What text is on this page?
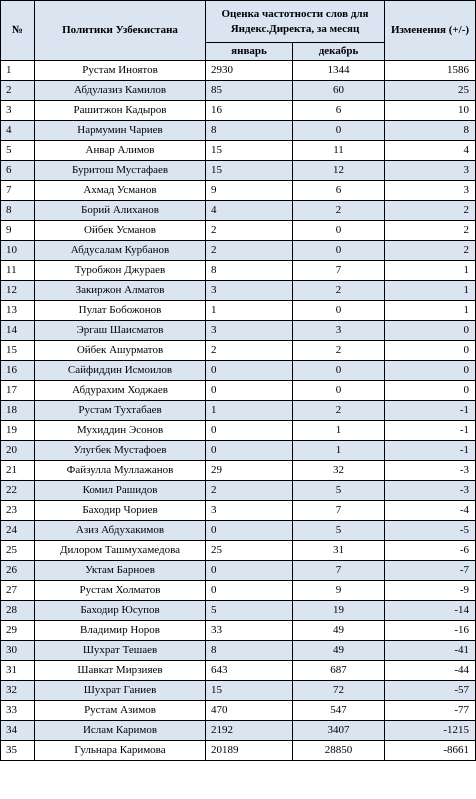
№	Политики Узбекистана	Оценка частотности слов для Яндекс.Директа, за месяц		Изменения (+/-)
		январь	декабрь	
1	Рустам Иноятов	2930	1344	1586
2	Абдулазиз Камилов	85	60	25
3	Рашитжон Кадыров	16	6	10
4	Нармумин Чариев	8	0	8
5	Анвар Алимов	15	11	4
6	Буритош Мустафаев	15	12	3
7	Ахмад Усманов	9	6	3
8	Борий Алиханов	4	2	2
9	Ойбек Усманов	2	0	2
10	Абдусалам Курбанов	2	0	2
11	Туробжон Джураев	8	7	1
12	Закиржон Алматов	3	2	1
13	Пулат Бобожонов	1	0	1
14	Эргаш Шаисматов	3	3	0
15	Ойбек Ашурматов	2	2	0
16	Сайфиддин Исмоилов	0	0	0
17	Абдурахим Ходжаев	0	0	0
18	Рустам Тухтабаев	1	2	-1
19	Мухиддин Эсонов	0	1	-1
20	Улугбек Мустафоев	0	1	-1
21	Файзулла Муллажанов	29	32	-3
22	Комил Рашидов	2	5	-3
23	Баходир Чориев	3	7	-4
24	Азиз Абдухакимов	0	5	-5
25	Дилором Ташмухамедова	25	31	-6
26	Уктам Барноев	0	7	-7
27	Рустам Холматов	0	9	-9
28	Баходир Юсупов	5	19	-14
29	Владимир Норов	33	49	-16
30	Шухрат Тешаев	8	49	-41
31	Шавкат Мирзияев	643	687	-44
32	Шухрат Ганиев	15	72	-57
33	Рустам Азимов	470	547	-77
34	Ислам Каримов	2192	3407	-1215
35	Гульнара Каримова	20189	28850	-8661
